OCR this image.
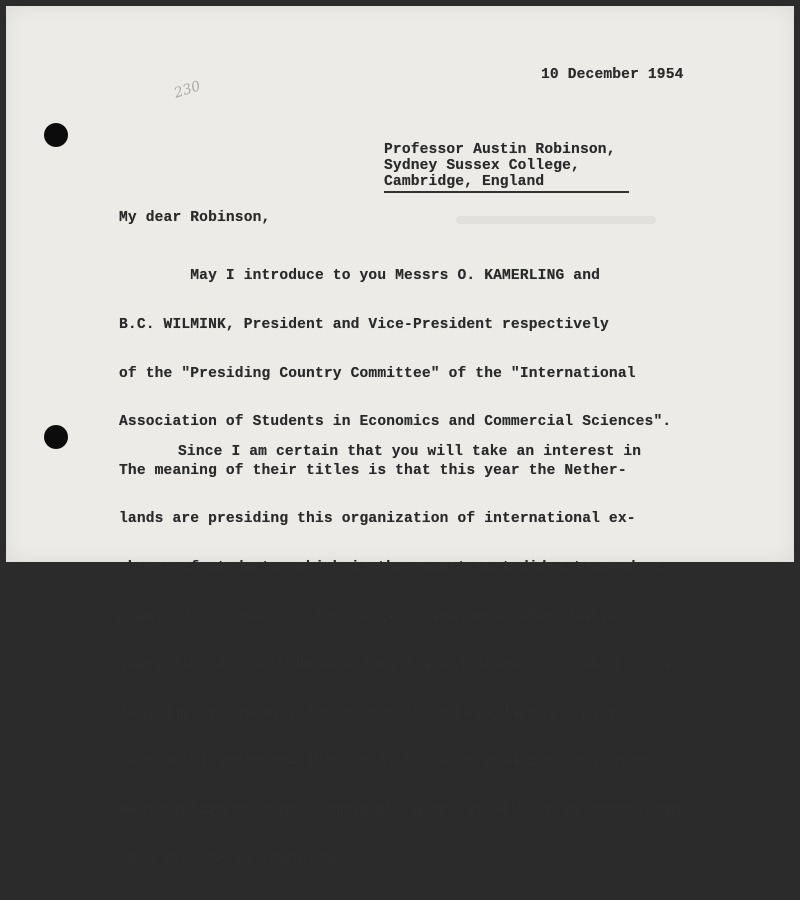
230
10 December 1954
Professor Austin Robinson,
Sydney Sussex College,
Cambridge, England
My dear Robinson,

May I introduce to you Messrs O. KAMERLING and

B.C. WILMINK, President and Vice-President respectively

of the "Presiding Country Committee" of the "International

Association of Students in Economics and Commercial Sciences".

The meaning of their titles is that this year the Nether-

lands are presiding this organization of international ex-

change of students, which in the recent past did a tremendous

piece of good work in this type of exchange. They feel,how-

ever, that the collaboration on the continent is running better

than the one between the continent and the United Kingdom.

They would therefore like to be in touch with such students

associations or other people who might be willing to strengthen

this sort of co-operation.

Since I am certain that you will take an interest in
